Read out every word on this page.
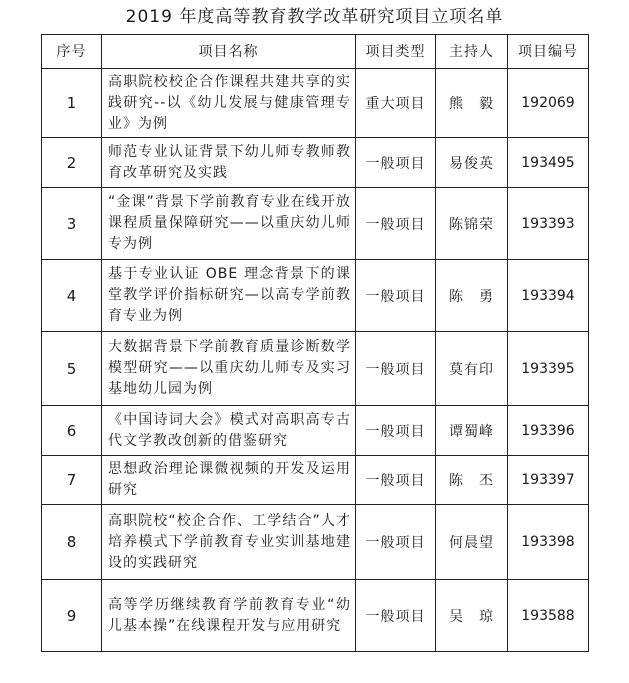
2019 年度高等教育教学改革研究项目立项名单
序号	项目名称	项目类型	主持人	项目编号
1	高职院校校企合作课程共建共享的实践研究--以《幼儿发展与健康管理专业》为例	重大项目	熊　毅	192069
2	师范专业认证背景下幼儿师专教师教育改革研究及实践	一般项目	易俊英	193495
3	“金课”背景下学前教育专业在线开放课程质量保障研究——以重庆幼儿师专为例	一般项目	陈锦荣	193393
4	基于专业认证 OBE 理念背景下的课堂教学评价指标研究—以高专学前教育专业为例	一般项目	陈　勇	193394
5	大数据背景下学前教育质量诊断数学模型研究——以重庆幼儿师专及实习基地幼儿园为例	一般项目	莫有印	193395
6	《中国诗词大会》模式对高职高专古代文学教改创新的借鉴研究	一般项目	谭蜀峰	193396
7	思想政治理论课微视频的开发及运用研究	一般项目	陈　丕	193397
8	高职院校“校企合作、工学结合”人才培养模式下学前教育专业实训基地建设的实践研究	一般项目	何晨望	193398
9	高等学历继续教育学前教育专业“幼儿基本操”在线课程开发与应用研究	一般项目	吴　琼	193588
